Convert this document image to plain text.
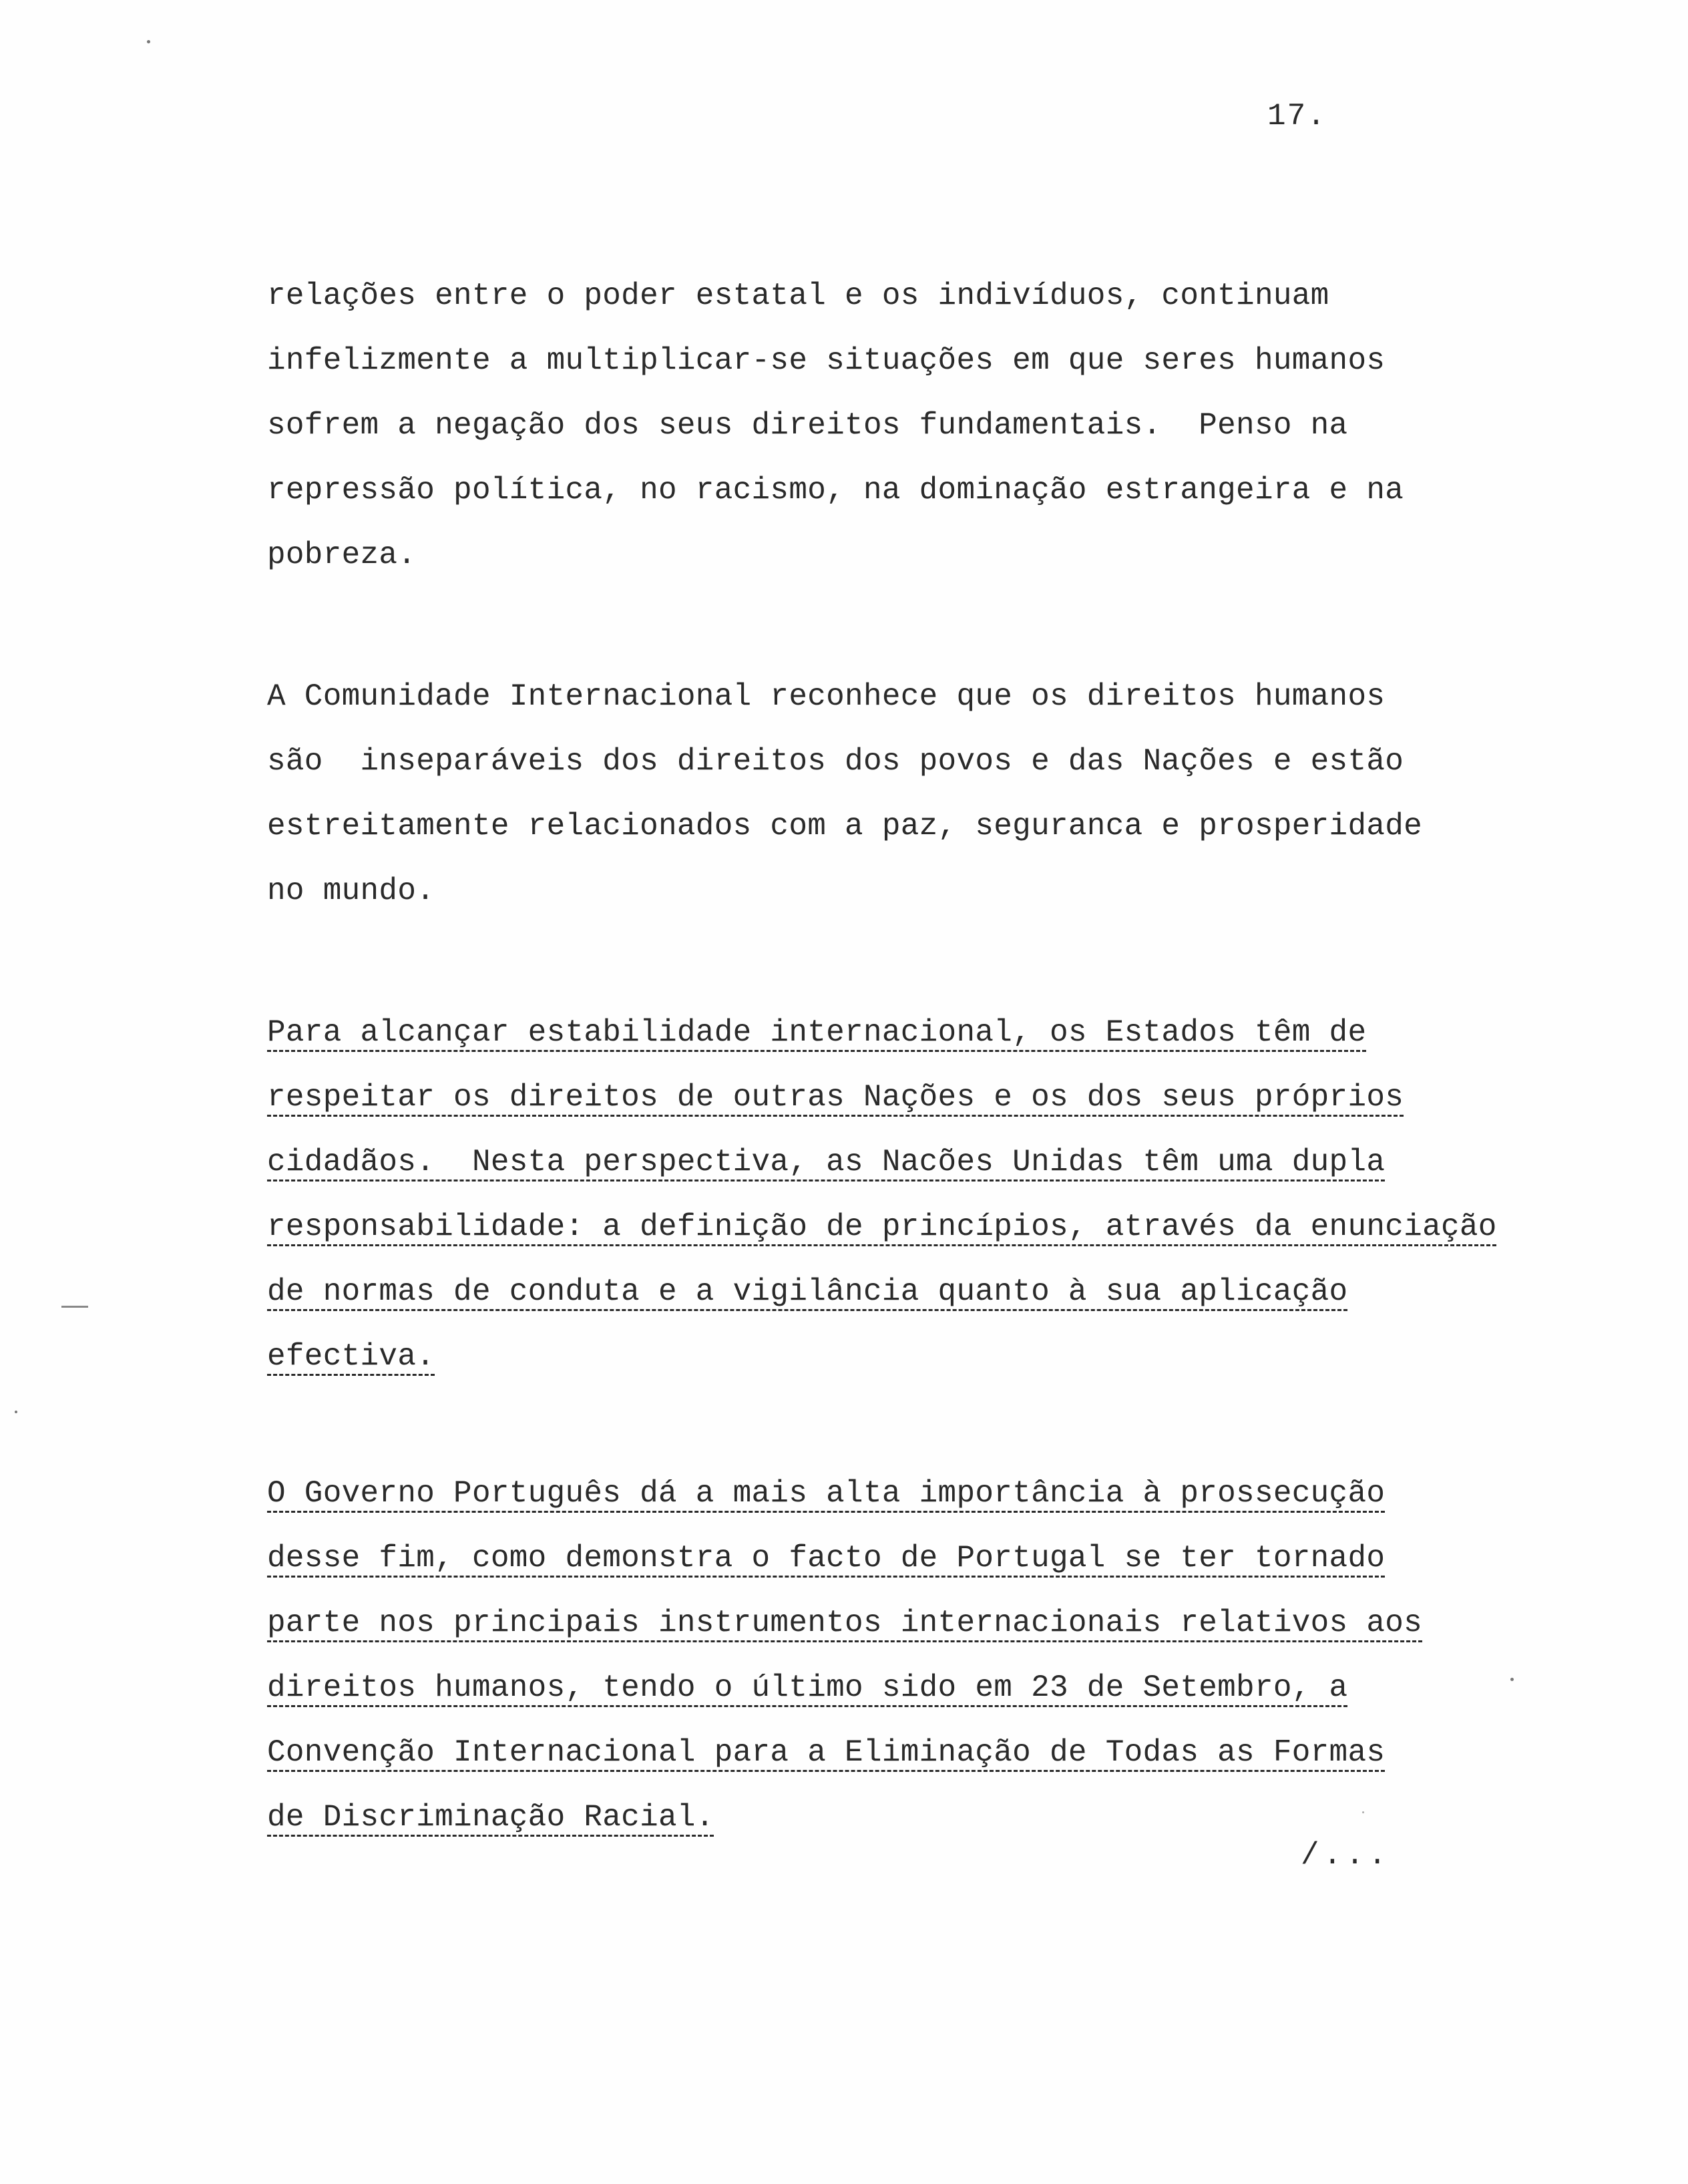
17.
relações entre o poder estatal e os indivíduos, continuam
infelizmente a multiplicar-se situações em que seres humanos
sofrem a negação dos seus direitos fundamentais.  Penso na
repressão política, no racismo, na dominação estrangeira e na
pobreza.
A Comunidade Internacional reconhece que os direitos humanos
são  inseparáveis dos direitos dos povos e das Nações e estão
estreitamente relacionados com a paz, seguranca e prosperidade
no mundo.
Para alcançar estabilidade internacional, os Estados têm de
respeitar os direitos de outras Nações e os dos seus próprios
cidadãos.  Nesta perspectiva, as Nacões Unidas têm uma dupla
responsabilidade: a definição de princípios, através da enunciação
de normas de conduta e a vigilância quanto à sua aplicação
efectiva.
O Governo Português dá a mais alta importância à prossecução
desse fim, como demonstra o facto de Portugal se ter tornado
parte nos principais instrumentos internacionais relativos aos
direitos humanos, tendo o último sido em 23 de Setembro, a
Convenção Internacional para a Eliminação de Todas as Formas
de Discriminação Racial.
/...
